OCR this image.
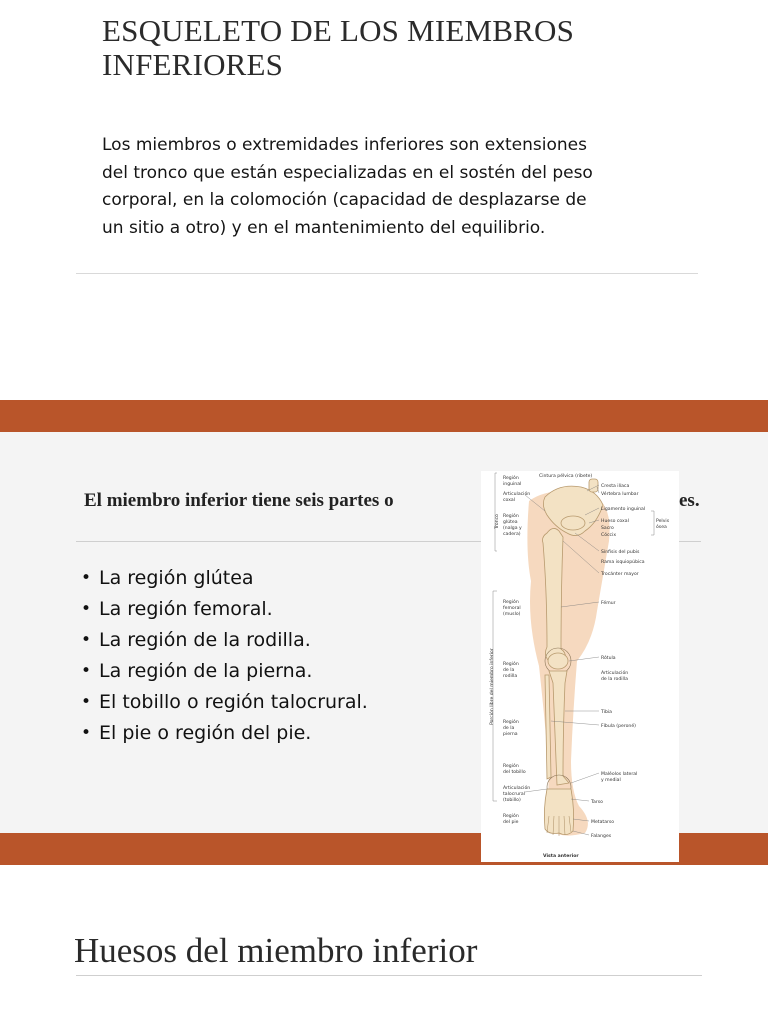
ESQUELETO DE LOS MIEMBROS
INFERIORES
Los miembros o extremidades inferiores son extensiones
del tronco que están especializadas en el sostén del peso
corporal, en la colomoción (capacidad de desplazarse de
un sitio a otro) y en el mantenimiento del equilibrio.
El miembro inferior tiene seis partes o	es.
• La región glútea
• La región femoral.
• La región de la rodilla.
• La región de la pierna.
• El tobillo o región talocrural.
• El pie o región del pie.
Tronco
Porción libre del miembro inferior
Cintura pélvica (ribete)
Región
inguinal
Articulación
coxal
Región
glútea
(nalga y
cadera)
Región
femoral
(muslo)
Región
de la
rodilla
Región
de la
pierna
Región
del tobillo
Articulación
talocrural
(tobillo)
Región
del pie
Cresta ilíaca
Vértebra lumbar
Ligamento inguinal
Hueso coxal
Sacro
Cóccix
Sínfisis del pubis
Rama isquiopúbica
Trocánter mayor
Fémur
Rótula
Articulación
de la rodilla
Tibia
Fíbula (peroné)
Maléolos lateral
y medial
Tarso
Metatarso
Falanges
Pelvis
ósea
Vista anterior
Huesos del miembro inferior
